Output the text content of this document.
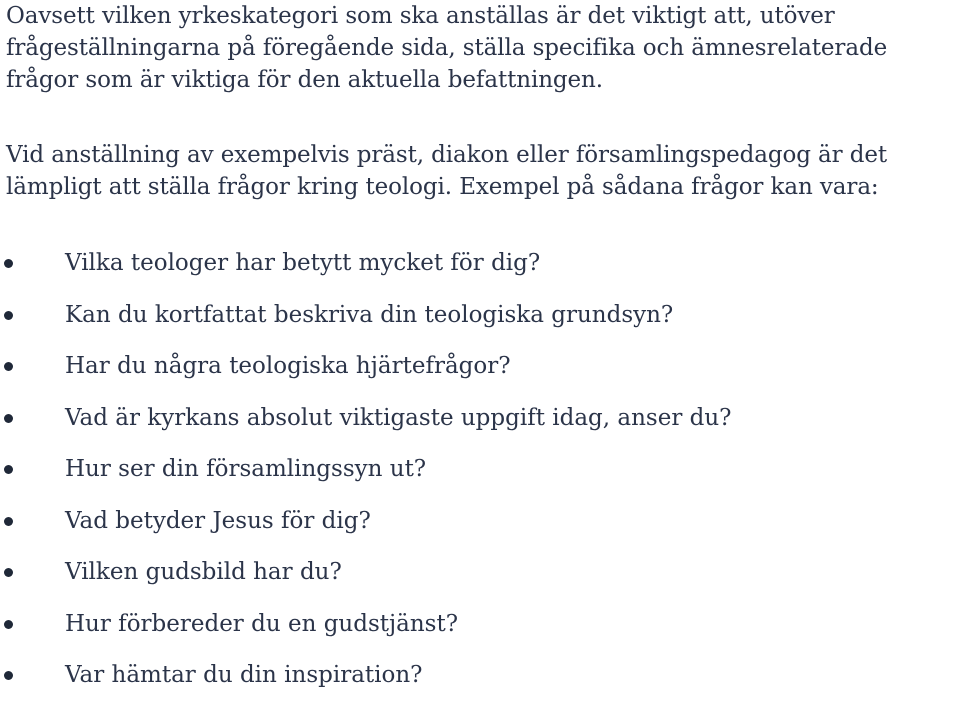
Oavsett vilken yrkeskategori som ska anställas är det viktigt att, utöver
frågeställningarna på föregående sida, ställa specifika och ämnesrelaterade
frågor som är viktiga för den aktuella befattningen.

Vid anställning av exempelvis präst, diakon eller församlingspedagog är det
lämpligt att ställa frågor kring teologi. Exempel på sådana frågor kan vara:

Vilka teologer har betytt mycket för dig?
Kan du kortfattat beskriva din teologiska grundsyn?
Har du några teologiska hjärtefrågor?
Vad är kyrkans absolut viktigaste uppgift idag, anser du?
Hur ser din församlingssyn ut?
Vad betyder Jesus för dig?
Vilken gudsbild har du?
Hur förbereder du en gudstjänst?
Var hämtar du din inspiration?
